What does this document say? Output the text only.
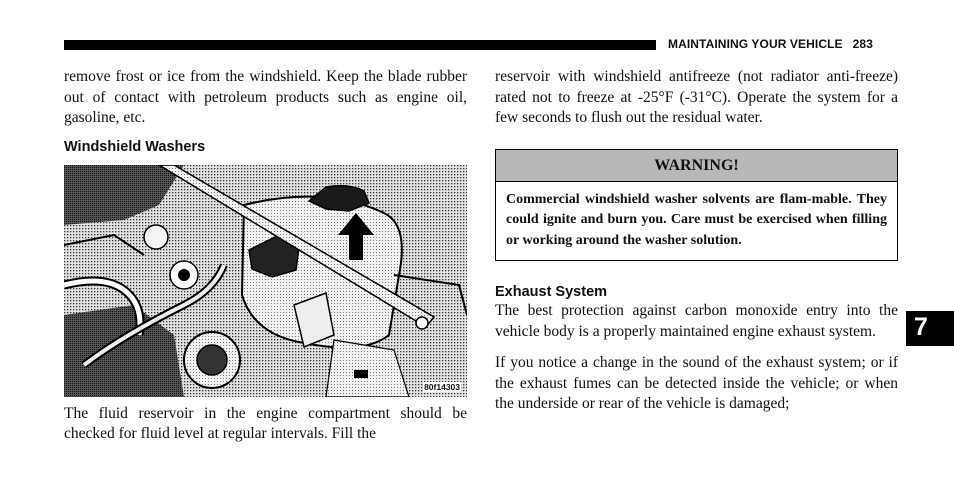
MAINTAINING YOUR VEHICLE 283

remove frost or ice from the windshield. Keep the blade rubber out of contact with petroleum products such as engine oil, gasoline, etc.

Windshield Washers
80f14303

The fluid reservoir in the engine compartment should be checked for fluid level at regular intervals. Fill the

reservoir with windshield antifreeze (not radiator anti-freeze) rated not to freeze at -25°F (-31°C). Operate the system for a few seconds to flush out the residual water.

WARNING!
Commercial windshield washer solvents are flam-mable. They could ignite and burn you. Care must be exercised when filling or working around the washer solution.
Exhaust System

The best protection against carbon monoxide entry into the vehicle body is a properly maintained engine exhaust system.

If you notice a change in the sound of the exhaust system; or if the exhaust fumes can be detected inside the vehicle; or when the underside or rear of the vehicle is damaged;

7
